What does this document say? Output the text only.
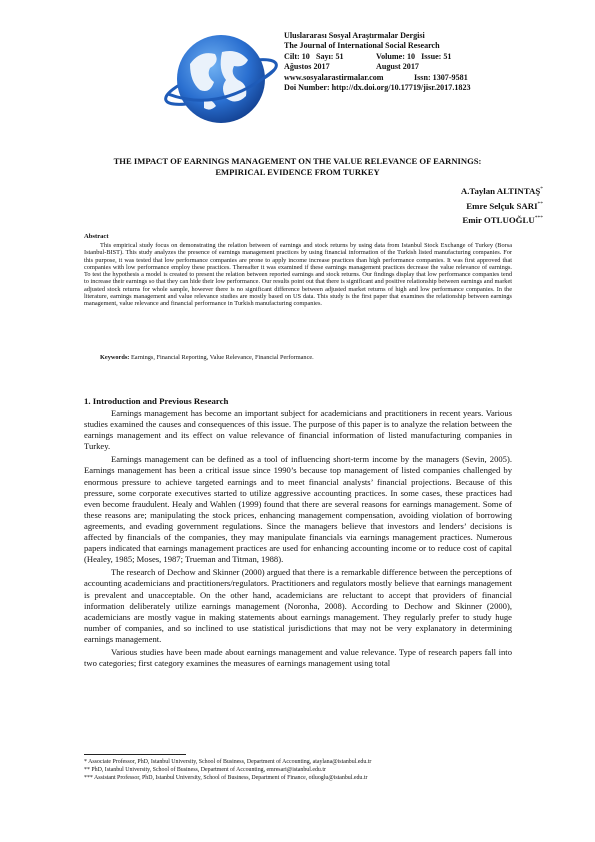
Uluslararası Sosyal Araştırmalar Dergisi
The Journal of International Social Research
Cilt: 10 Sayı: 51	Volume: 10 Issue: 51
Ağustos 2017	August 2017
www.sosyalarastirmalar.com	Issn: 1307-9581
Doi Number: http://dx.doi.org/10.17719/jisr.2017.1823
THE IMPACT OF EARNINGS MANAGEMENT ON THE VALUE RELEVANCE OF EARNINGS:
EMPIRICAL EVIDENCE FROM TURKEY
A.Taylan ALTINTAŞ*
Emre Selçuk SARI**
Emir OTLUOĞLU***
Abstract
This empirical study focus on demonstrating the relation between of earnings and stock returns by using data from Istanbul Stock Exchange of Turkey (Borsa Istanbul-BIST). This study analyzes the presence of earnings management practices by using financial information of the Turkish listed manufacturing companies. For this purpose, it was tested that low performance companies are prone to apply income increase practices than high performance companies. It was first approved that companies with low performance employ these practices. Thereafter it was examined if these earnings management practices decrease the value relevance of earnings. To test the hypothesis a model is created to present the relation between reported earnings and stock returns. Our findings display that low performance companies tend to increase their earnings so that they can hide their low performance. Our results point out that there is significant and positive relationship between earnings and market adjusted stock returns for whole sample, however there is no significant difference between adjusted market returns of high and low performance companies. In the literature, earnings management and value relevance studies are mostly based on US data. This study is the first paper that examines the relationship between earnings management, value relevance and financial performance in Turkish manufacturing companies.
Keywords: Earnings, Financial Reporting, Value Relevance, Financial Performance.
1. Introduction and Previous Research

Earnings management has become an important subject for academicians and practitioners in recent years. Various studies examined the causes and consequences of this issue. The purpose of this paper is to analyze the relation between the earnings management and its effect on value relevance of financial information of listed manufacturing companies in Turkey.

Earnings management can be defined as a tool of influencing short-term income by the managers (Sevin, 2005). Earnings management has been a critical issue since 1990’s because top management of listed companies challenged by enormous pressure to achieve targeted earnings and to meet financial analysts’ financial projections. Because of this pressure, some corporate executives started to utilize aggressive accounting practices. In some cases, these practices had even become fraudulent. Healy and Wahlen (1999) found that there are several reasons for earnings management. Some of these reasons are; manipulating the stock prices, enhancing management compensation, avoiding violation of borrowing agreements, and evading government regulations. Since the managers believe that investors and lenders’ decisions is affected by financials of the companies, they may manipulate financials via earnings management practices. Numerous papers indicated that earnings management practices are used for enhancing accounting income or to reduce cost of capital (Healey, 1985; Moses, 1987; Trueman and Titman, 1988).

The research of Dechow and Skinner (2000) argued that there is a remarkable difference between the perceptions of accounting academicians and practitioners/regulators. Practitioners and regulators mostly believe that earnings management is prevalent and unacceptable. On the other hand, academicians are reluctant to accept that providers of financial information deliberately utilize earnings management (Noronha, 2008). According to Dechow and Skinner (2000), academicians are mostly vague in making statements about earnings management. They regularly prefer to study huge number of companies, and so inclined to use statistical jurisdictions that may not be very explanatory in determining earnings management.

Various studies have been made about earnings management and value relevance. Type of research papers fall into two categories; first category examines the measures of earnings management using total

* Associate Professor, PhD, Istanbul University, School of Business, Department of Accounting, ataylana@istanbul.edu.tr
** PhD, Istanbul University, School of Business, Department of Accounting, emresari@istanbul.edu.tr
*** Assistant Professor, PhD, Istanbul University, School of Business, Department of Finance, otluoglu@istanbul.edu.tr
